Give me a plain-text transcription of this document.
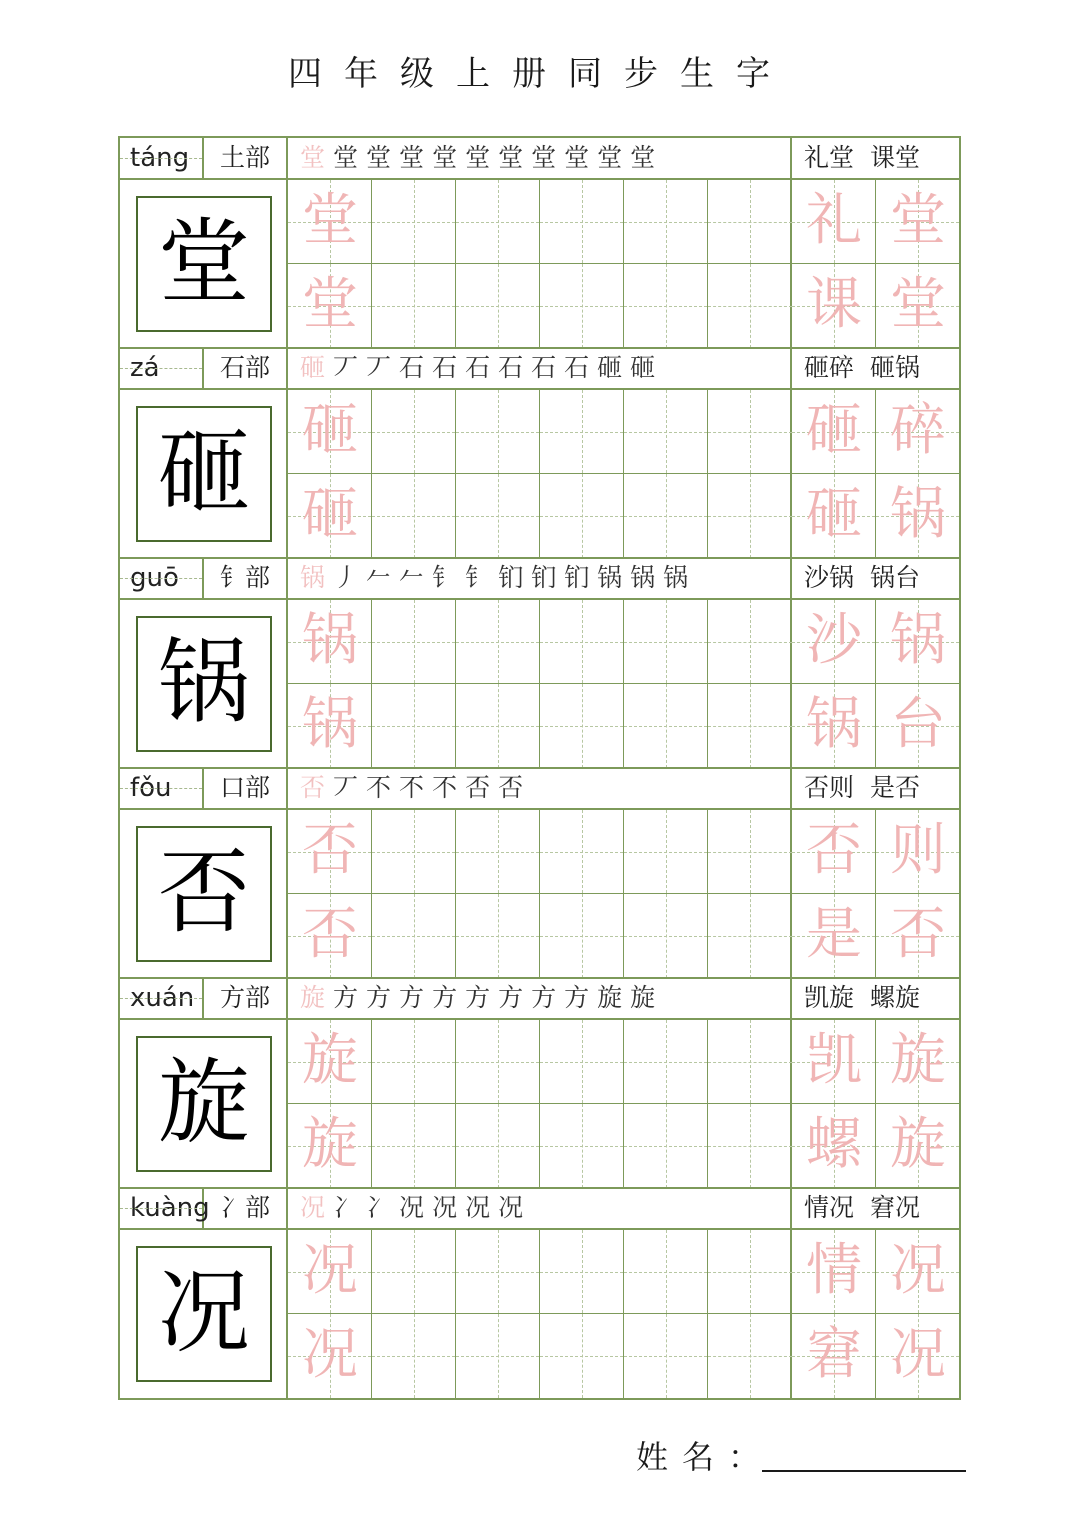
四年级上册同步生字
táng	土部	堂 堂 堂 堂 堂 堂 堂 堂 堂 堂 堂	礼堂 课堂
堂 堂
堂
礼 堂
课 堂
zá	石部	砸 丆 丆 石 石 石 石 石 石 砸 砸	砸碎 砸锅
砸 砸
砸
砸 碎
砸 锅
guō	钅部	锅 丿 𠂉 𠂉 钅 钅 钔 钔 钔 锅 锅 锅	沙锅 锅台
锅 锅
锅
沙 锅
锅 台
fǒu	口部	否 丆 不 不 不 否 否	否则 是否
否 否
否
否 则
是 否
xuán	方部	旋 方 方 方 方 方 方 方 方 旋 旋	凯旋 螺旋
旋 旋
旋
凯 旋
螺 旋
kuàng 冫部	况 冫 冫 况 况 况 况	情况 窘况
况 况
况
情 况
窘 况
姓名：
